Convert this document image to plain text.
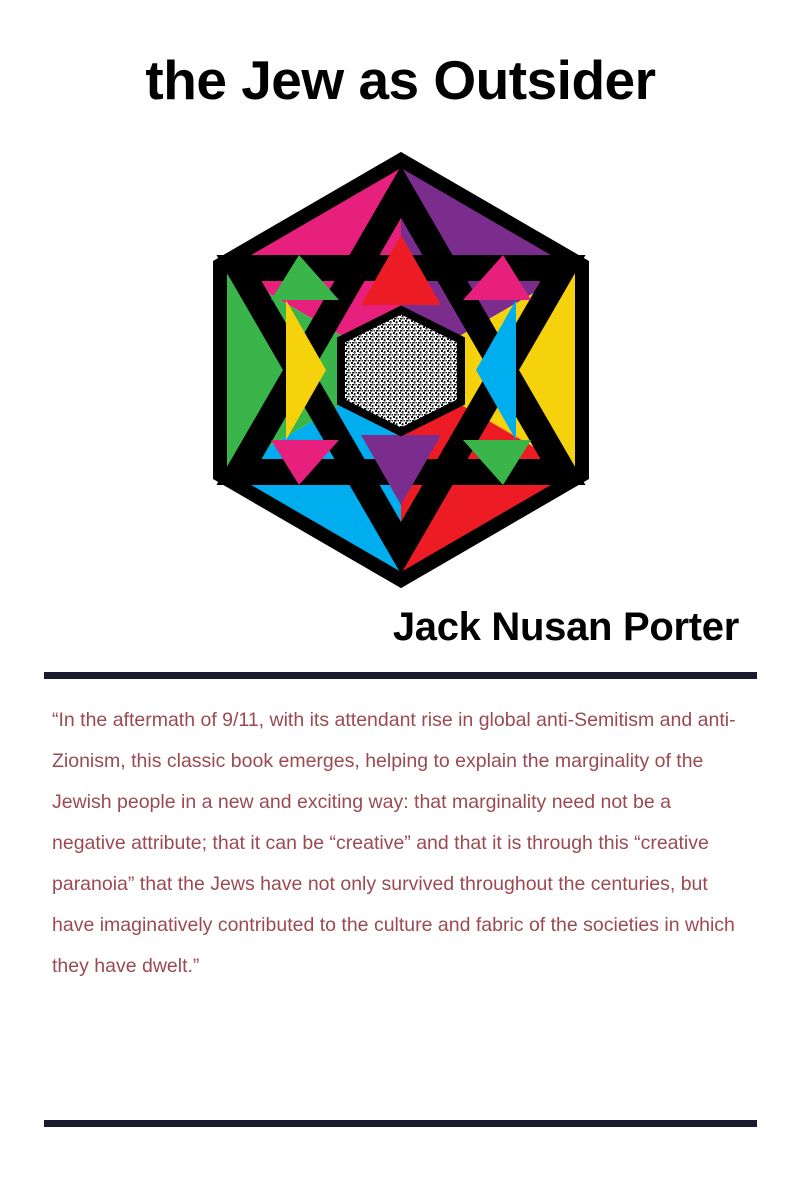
the Jew as Outsider
Jack Nusan Porter

“In the aftermath of 9/11, with its attendant rise in global anti-Semitism and anti-Zionism, this classic book emerges, helping to explain the marginality of the Jewish people in a new and exciting way: that marginality need not be a negative attribute; that it can be “creative” and that it is through this “creative paranoia” that the Jews have not only survived throughout the centuries, but have imaginatively contributed to the culture and fabric of the societies in which they have dwelt.”
